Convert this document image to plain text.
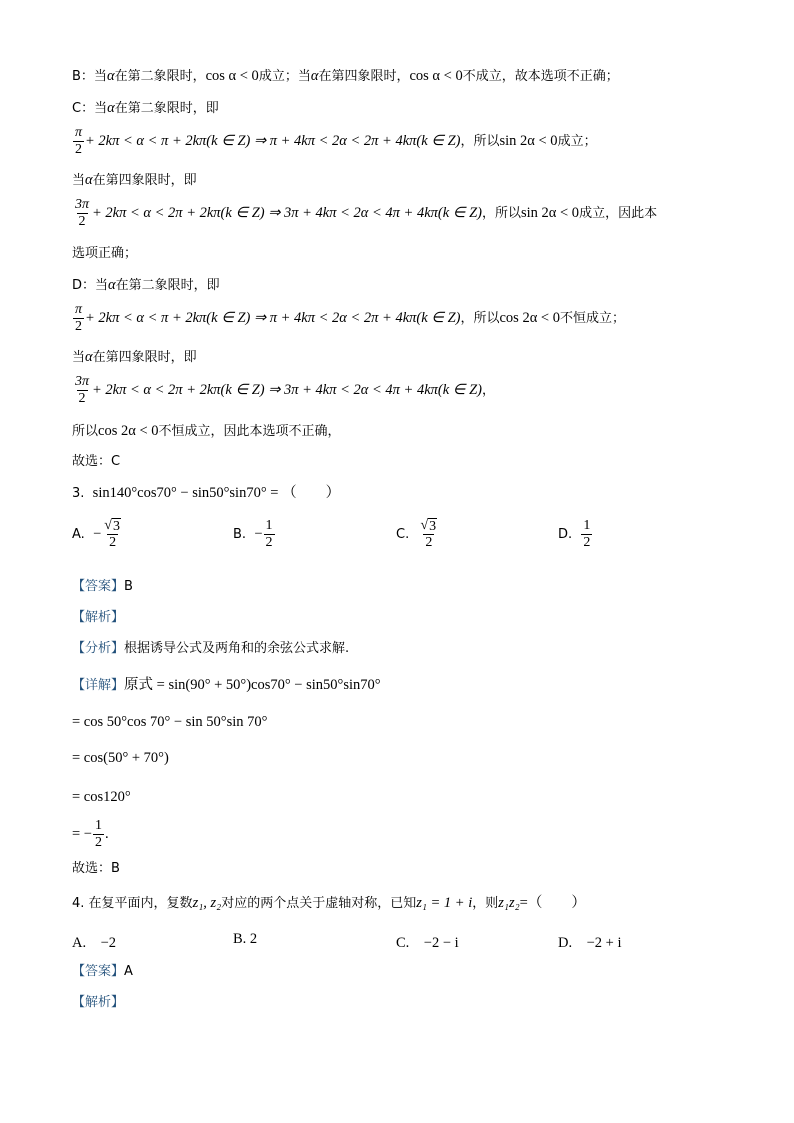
B：当α在第二象限时，cos α < 0成立；当α在第四象限时，cos α < 0不成立，故本选项不正确；
C：当α在第二象限时，即
$\frac{\pi}{2} + 2k\pi < \alpha < \pi + 2k\pi(k$ ∈ Z) ⇒ π + 4kπ < 2α < 2π + 4kπ(k ∈ Z)，所以sin 2α < 0成立；
当α在第四象限时，即
$\frac{3\pi}{2} + 2k\pi < \alpha < 2\pi + 2k\pi(k$ ∈ Z) ⇒ 3π + 4kπ < 2α < 4π + 4kπ(k ∈ Z)，所以sin 2α < 0成立，因此本
选项正确；
D：当α在第二象限时，即
$\frac{\pi}{2} + 2k\pi < \alpha < \pi + 2k\pi(k$ ∈ Z) ⇒ π + 4kπ < 2α < 2π + 4kπ(k ∈ Z)，所以cos 2α < 0不恒成立；
当α在第四象限时，即
$\frac{3\pi}{2} + 2k\pi < \alpha < 2\pi + 2k\pi(k$ ∈ Z) ⇒ 3π + 4kπ < 2α < 4π + 4kπ(k ∈ Z)，
所以cos 2α < 0不恒成立，因此本选项不正确，
故选：C
3. sin140°cos70° − sin50°sin70° = （　　）
A. − $\frac{√ 3}{2}$	B. − $\frac{1}{2}$	C. $\frac{√ 3}{2}$	D. $\frac{1}{2}$
【答案】B
【解析】
【分析】根据诱导公式及两角和的余弦公式求解.
【详解】原式 = sin(90° + 50°)cos70° − sin50°sin70°
= cos 50°cos 70° − sin 50°sin 70°
= cos(50° + 70°)
= cos120°
= − $\frac{1}{2}$ .
故选：B
4. 在复平面内，复数z₁, z₂对应的两个点关于虚轴对称，已知z₁ = 1 + i，则z₁z₂=（　　）
A.　−2	B. 2	C.　−2 − i	D.　−2 + i
【答案】A
【解析】
